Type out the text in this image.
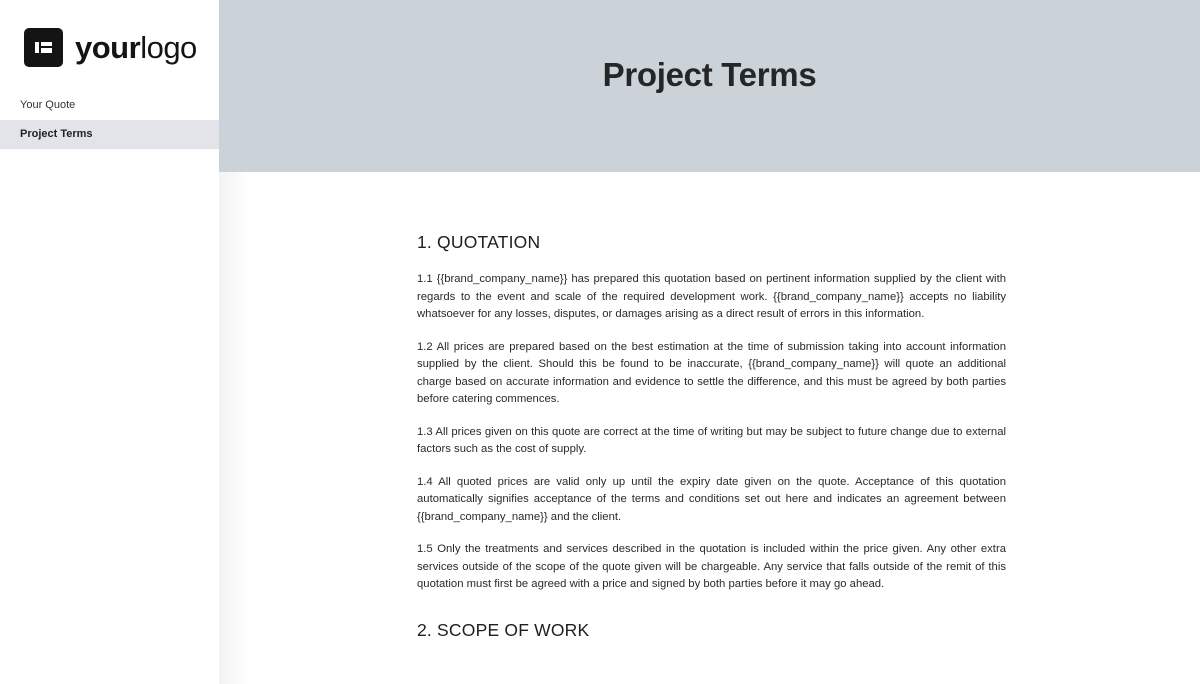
yourlogo
Your Quote
Project Terms
Project Terms
1. QUOTATION

1.1 {{brand_company_name}} has prepared this quotation based on pertinent information supplied by the client with regards to the event and scale of the required development work. {{brand_company_name}} accepts no liability whatsoever for any losses, disputes, or damages arising as a direct result of errors in this information.

1.2 All prices are prepared based on the best estimation at the time of submission taking into account information supplied by the client. Should this be found to be inaccurate, {{brand_company_name}} will quote an additional charge based on accurate information and evidence to settle the difference, and this must be agreed by both parties before catering commences.

1.3 All prices given on this quote are correct at the time of writing but may be subject to future change due to external factors such as the cost of supply.

1.4 All quoted prices are valid only up until the expiry date given on the quote. Acceptance of this quotation automatically signifies acceptance of the terms and conditions set out here and indicates an agreement between {{brand_company_name}} and the client.

1.5 Only the treatments and services described in the quotation is included within the price given. Any other extra services outside of the scope of the quote given will be chargeable. Any service that falls outside of the remit of this quotation must first be agreed with a price and signed by both parties before it may go ahead.

2. SCOPE OF WORK
